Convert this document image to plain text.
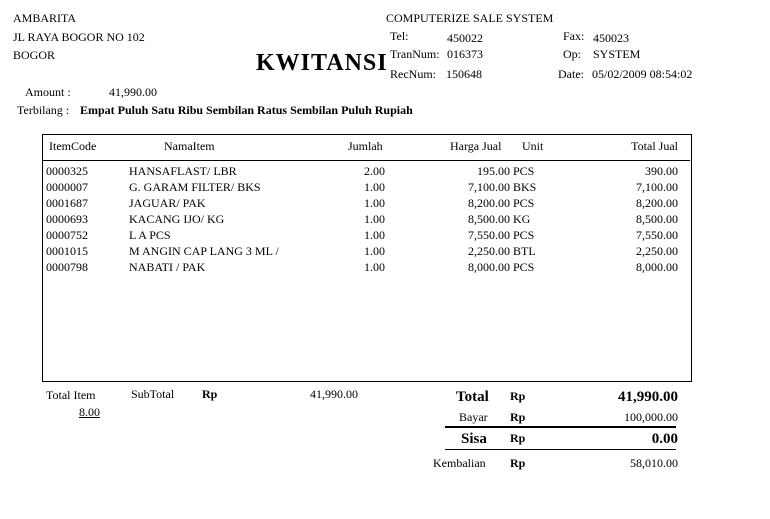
AMBARITA
JL RAYA BOGOR NO 102
BOGOR
COMPUTERIZE SALE SYSTEM
Tel:	450022	Fax: 450023
TranNum: 016373	Op: SYSTEM
RecNum: 150648	Date: 05/02/2009 08:54:02
KWITANSI
Amount :	41,990.00
Terbilang : Empat Puluh Satu Ribu Sembilan Ratus Sembilan Puluh Rupiah
ItemCode	NamaItem	Jumlah	Harga Jual Unit	Total Jual
0000325	HANSAFLAST/ LBR	2.00	195.00 PCS	390.00
0000007	G. GARAM FILTER/ BKS	1.00	7,100.00 BKS	7,100.00
0001687	JAGUAR/ PAK	1.00	8,200.00 PCS	8,200.00
0000693	KACANG IJO/ KG	1.00	8,500.00 KG	8,500.00
0000752	L A PCS	1.00	7,550.00 PCS	7,550.00
0001015	M ANGIN CAP LANG 3 ML /	1.00	2,250.00 BTL	2,250.00
0000798	NABATI / PAK	1.00	8,000.00 PCS	8,000.00
Total Item
8.00
SubTotal Rp	41,990.00	Total Rp	41,990.00
Bayar Rp	100,000.00
Sisa Rp	0.00
Kembalian Rp	58,010.00
